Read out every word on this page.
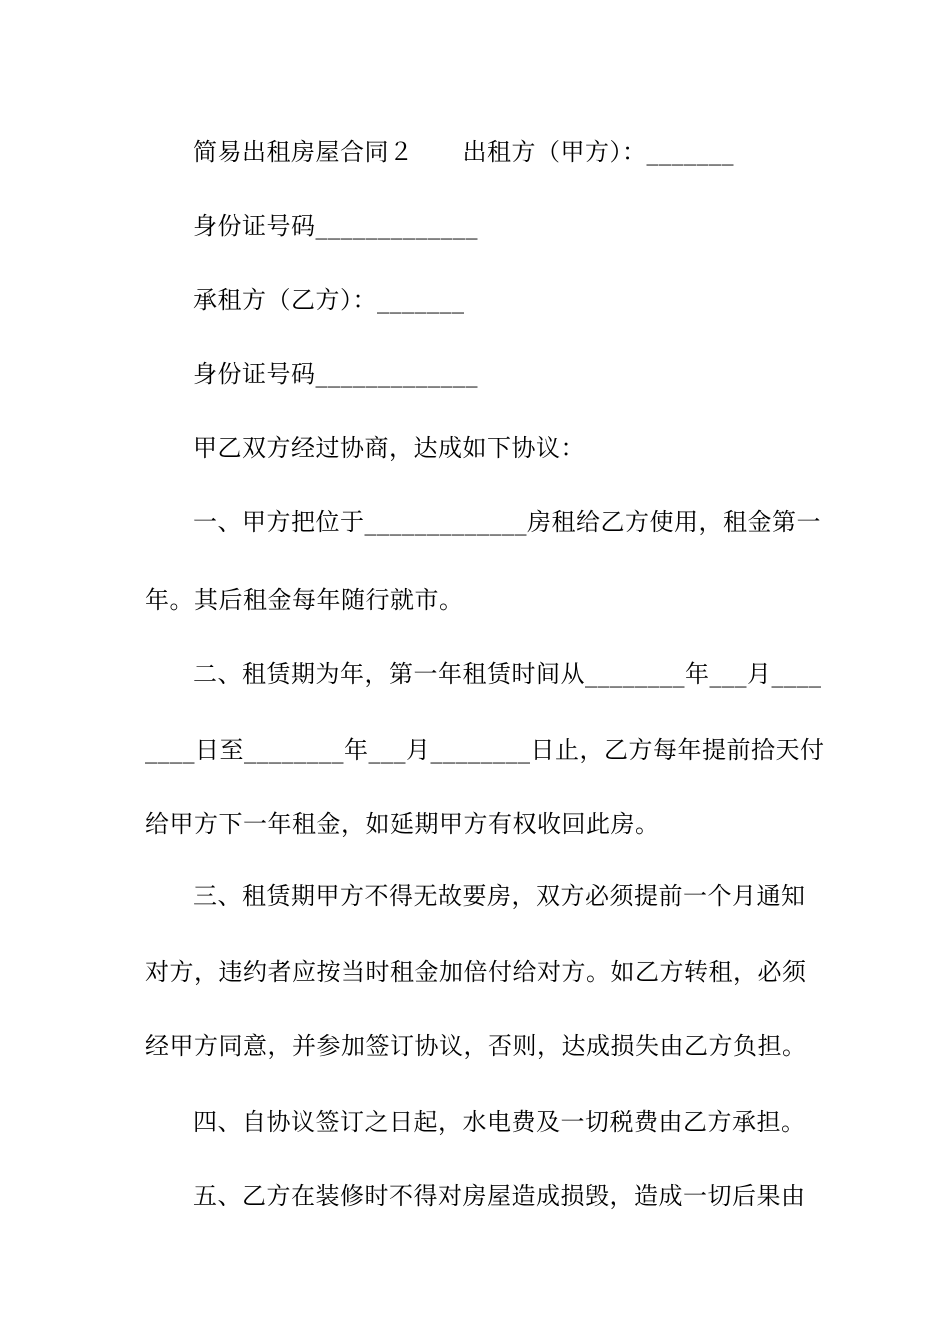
简易出租房屋合同２　　出租方（甲方）：_______
身份证号码_____________
承租方（乙方）：_______
身份证号码_____________
甲乙双方经过协商，达成如下协议：
一、甲方把位于_____________房租给乙方使用，租金第一
年。其后租金每年随行就市。
二、租赁期为年，第一年租赁时间从________年___月____
____日至________年___月________日止，乙方每年提前拾天付
给甲方下一年租金，如延期甲方有权收回此房。
三、租赁期甲方不得无故要房，双方必须提前一个月通知
对方，违约者应按当时租金加倍付给对方。如乙方转租，必须
经甲方同意，并参加签订协议，否则，达成损失由乙方负担。
四、自协议签订之日起，水电费及一切税费由乙方承担。
五、乙方在装修时不得对房屋造成损毁，造成一切后果由
